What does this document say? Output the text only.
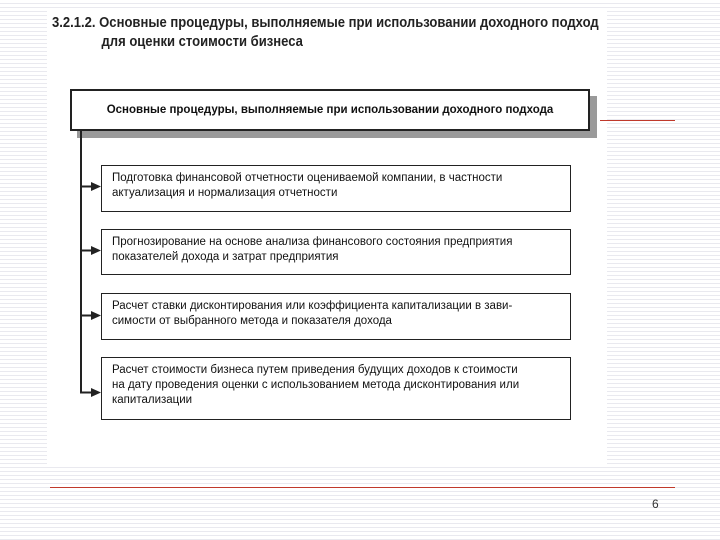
3.2.1.2. Основные процедуры, выполняемые при использовании доходного подход
для оценки стоимости бизнеса
Основные процедуры, выполняемые при использовании доходного подхода
Подготовка финансовой отчетности оцениваемой компании, в частности
актуализация и нормализация отчетности
Прогнозирование на основе анализа финансового состояния предприятия
показателей дохода и затрат предприятия
Расчет ставки дисконтирования или коэффициента капитализации в зави-
симости от выбранного метода и показателя дохода
Расчет стоимости бизнеса путем приведения будущих доходов к стоимости
на дату проведения оценки с использованием метода дисконтирования или
капитализации
6
